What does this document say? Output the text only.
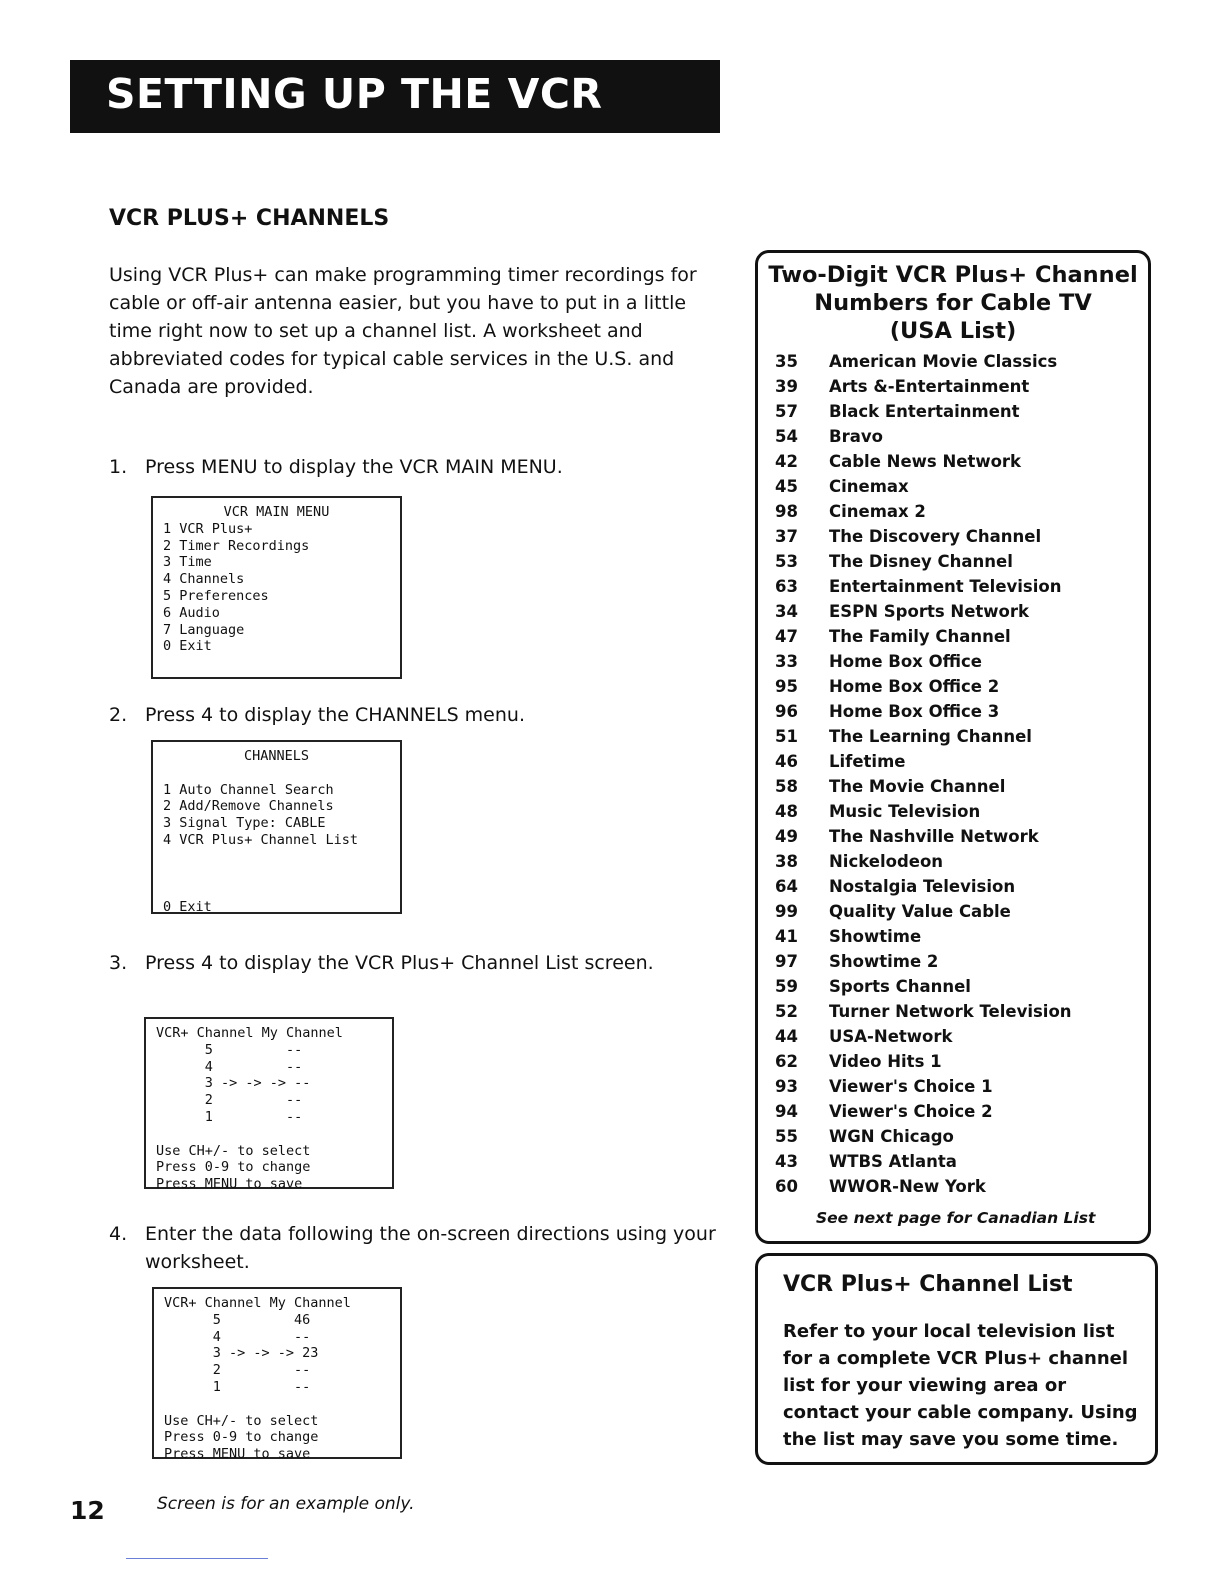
SETTING UP THE VCR
VCR PLUS+ CHANNELS

Using VCR Plus+ can make programming timer recordings for cable or off-air antenna easier, but you have to put in a little time right now to set up a channel list. A worksheet and abbreviated codes for typical cable services in the U.S. and Canada are provided.

1. Press MENU to display the VCR MAIN MENU.
VCR MAIN MENU
1 VCR Plus+
2 Timer Recordings
3 Time
4 Channels
5 Preferences
6 Audio
7 Language
0 Exit
2. Press 4 to display the CHANNELS menu.
CHANNELS
1 Auto Channel Search
2 Add/Remove Channels
3 Signal Type: CABLE
4 VCR Plus+ Channel List
0 Exit
3. Press 4 to display the VCR Plus+ Channel List screen.
VCR+ Channel My Channel
5         --
4         --
3 -> -> -> --
2         --
1         --
Use CH+/- to select
Press 0-9 to change
Press MENU to save
4. Enter the data following the on-screen directions using your worksheet.
VCR+ Channel My Channel
5         46
4         --
3 -> -> -> 23
2         --
1         --
Use CH+/- to select
Press 0-9 to change
Press MENU to save
Two-Digit VCR Plus+ Channel
Numbers for Cable TV
(USA List)
35 American Movie Classics
39 Arts &-Entertainment
57 Black Entertainment
54 Bravo
42 Cable News Network
45 Cinemax
98 Cinemax 2
37 The Discovery Channel
53 The Disney Channel
63 Entertainment Television
34 ESPN Sports Network
47 The Family Channel
33 Home Box Office
95 Home Box Office 2
96 Home Box Office 3
51 The Learning Channel
46 Lifetime
58 The Movie Channel
48 Music Television
49 The Nashville Network
38 Nickelodeon
64 Nostalgia Television
99 Quality Value Cable
41 Showtime
97 Showtime 2
59 Sports Channel
52 Turner Network Television
44 USA-Network
62 Video Hits 1
93 Viewer's Choice 1
94 Viewer's Choice 2
55 WGN Chicago
43 WTBS Atlanta
60 WWOR-New York
See next page for Canadian List
VCR Plus+ Channel List

Refer to your local television list for a complete VCR Plus+ channel list for your viewing area or contact your cable company. Using the list may save you some time.

12	Screen is for an example only.
